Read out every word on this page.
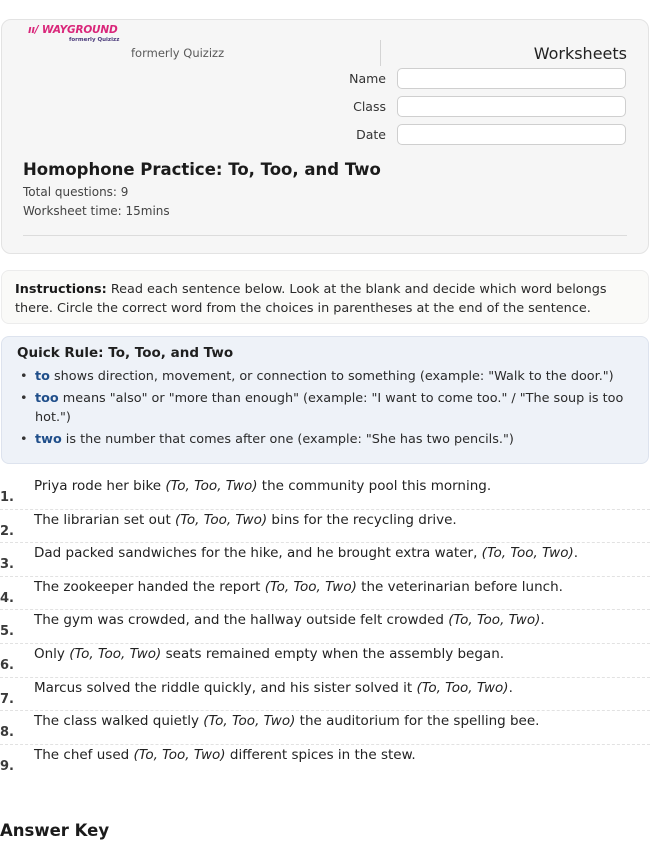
ıı/ WAYGROUND
formerly Quizizz
formerly Quizizz	Worksheets
Name
Class
Date
Homophone Practice: To, Too, and Two
Total questions: 9
Worksheet time: 15mins
Instructions: Read each sentence below. Look at the blank and decide which word belongs there. Circle the correct word from the choices in parentheses at the end of the sentence.
Quick Rule: To, Too, and Two
• to shows direction, movement, or connection to something (example: "Walk to the door.")
• too means "also" or "more than enough" (example: "I want to come too." / "The soup is too hot.")
• two is the number that comes after one (example: "She has two pencils.")
1.
Priya rode her bike (To, Too, Two) the community pool this morning.
2.
The librarian set out (To, Too, Two) bins for the recycling drive.
3.
Dad packed sandwiches for the hike, and he brought extra water, (To, Too, Two).
4.
The zookeeper handed the report (To, Too, Two) the veterinarian before lunch.
5.
The gym was crowded, and the hallway outside felt crowded (To, Too, Two).
6.
Only (To, Too, Two) seats remained empty when the assembly began.
7.
Marcus solved the riddle quickly, and his sister solved it (To, Too, Two).
8.
The class walked quietly (To, Too, Two) the auditorium for the spelling bee.
9.
The chef used (To, Too, Two) different spices in the stew.
Answer Key
